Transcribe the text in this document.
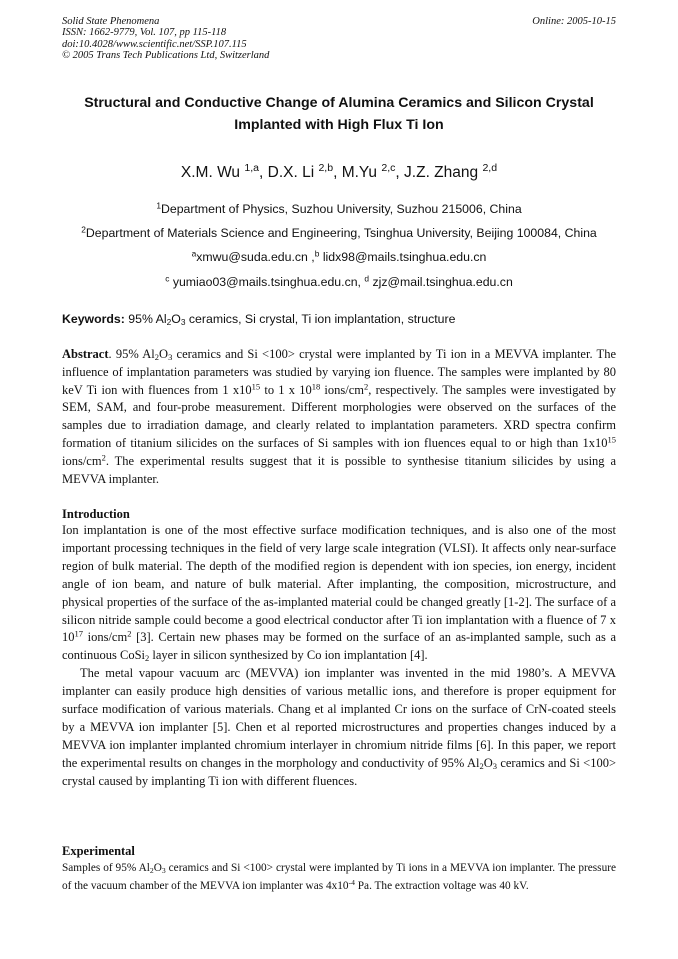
Solid State Phenomena
ISSN: 1662-9779, Vol. 107, pp 115-118
doi:10.4028/www.scientific.net/SSP.107.115
© 2005 Trans Tech Publications Ltd, Switzerland
Online: 2005-10-15
Structural and Conductive Change of Alumina Ceramics and Silicon Crystal Implanted with High Flux Ti Ion
X.M. Wu $^{1,a}$, D.X. Li $^{2,b}$, M.Yu $^{2,c}$, J.Z. Zhang $^{2,d}$
$^1$Department of Physics, Suzhou University, Suzhou 215006, China
$^2$Department of Materials Science and Engineering, Tsinghua University, Beijing 100084, China
$^a$xmwu@suda.edu.cn ,$^b$ lidx98@mails.tsinghua.edu.cn
$^c$ yumiao03@mails.tsinghua.edu.cn, $^d$ zjz@mail.tsinghua.edu.cn
Keywords: 95% $Al_2O_3$ ceramics, Si crystal, Ti ion implantation, structure
Abstract. 95% $Al_2O_3$ ceramics and Si <100> crystal were implanted by Ti ion in a MEVVA implanter. The influence of implantation parameters was studied by varying ion fluence. The samples were implanted by 80 keV Ti ion with fluences from 1 $x10^{15}$ to 1 x $10^{18}$ ions/$cm^2$, respectively. The samples were investigated by SEM, SAM, and four-probe measurement. Different morphologies were observed on the surfaces of the samples due to irradiation damage, and clearly related to implantation parameters. XRD spectra confirm formation of titanium silicides on the surfaces of Si samples with ion fluences equal to or high than $1x10^{15}$ ions/$cm^2$. The experimental results suggest that it is possible to synthesise titanium silicides by using a MEVVA implanter.
Introduction

Ion implantation is one of the most effective surface modification techniques, and is also one of the most important processing techniques in the field of very large scale integration (VLSI). It affects only near-surface region of bulk material. The depth of the modified region is dependent with ion species, ion energy, incident angle of ion beam, and nature of bulk material. After implanting, the composition, microstructure, and physical properties of the surface of the as-implanted material could be changed greatly [1-2]. The surface of a silicon nitride sample could become a good electrical conductor after Ti ion implantation with a fluence of 7 x $10^{17}$ ions/$cm^2$ [3]. Certain new phases may be formed on the surface of an as-implanted sample, such as a continuous CoSi$_2$ layer in silicon synthesized by Co ion implantation [4].

The metal vapour vacuum arc (MEVVA) ion implanter was invented in the mid 1980’s. A MEVVA implanter can easily produce high densities of various metallic ions, and therefore is proper equipment for surface modification of various materials. Chang et al implanted Cr ions on the surface of CrN-coated steels by a MEVVA ion implanter [5]. Chen et al reported microstructures and properties changes induced by a MEVVA ion implanter implanted chromium interlayer in chromium nitride films [6]. In this paper, we report the experimental results on changes in the morphology and conductivity of 95% $Al_2O_3$ ceramics and Si <100> crystal caused by implanting Ti ion with different fluences.

Experimental
Samples of 95% $Al_2O_3$ ceramics and Si <100> crystal were implanted by Ti ions in a MEVVA ion implanter. The pressure of the vacuum chamber of the MEVVA ion implanter was $4x10^{-4}$ Pa. The extraction voltage was 40 kV.
